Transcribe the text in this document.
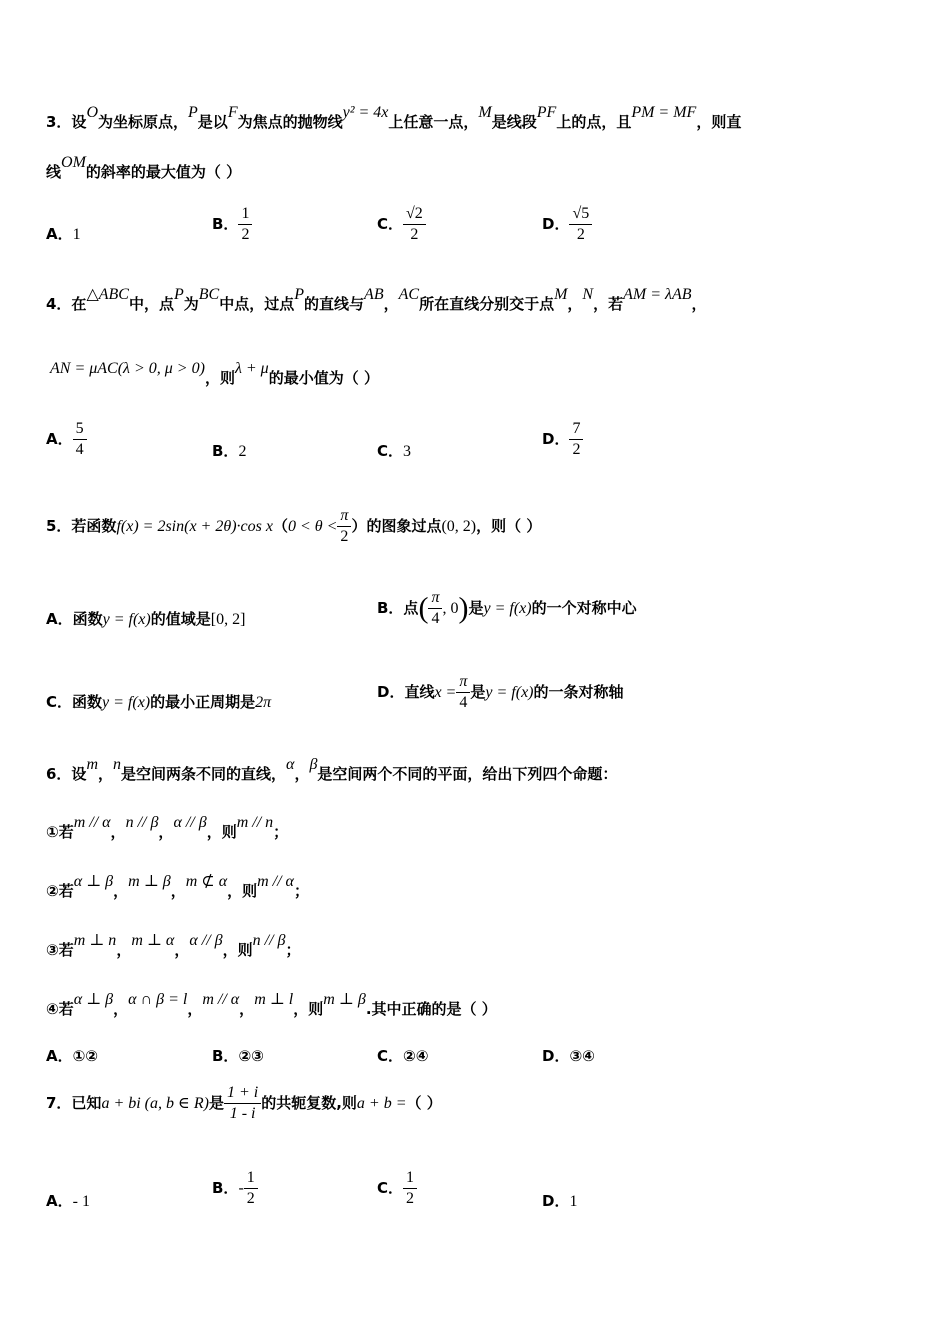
3．设O为坐标原点，P是以F为焦点的抛物线y² = 4x上任意一点，M是线段PF上的点，且PM = MF，则直
线OM的斜率的最大值为（ ）
A．1
B． $\frac{1}{2}$	C． $\frac{√2}{2}$	D． $\frac{√5}{2}$
4．在△ABC中，点P为BC中点，过点P的直线与AB，AC所在直线分别交于点M，N，若AM = λAB，
AN = μAC(λ > 0, μ > 0)，则λ + μ的最小值为（ ）
A． $\frac{5}{4}$	B．2	C．3
D． $\frac{7}{2}$
5．若函数f(x) = 2sin(x + 2θ)·cos $x(0 < \theta < \frac{\pi}{2}$ ）的图象过点(0, 2)，则（ ）
A．函数y = f(x)的值域是[0, 2]
B．点( $\frac{\pi}{4}$ , 0)是y = f(x)的一个对称中心
C．函数y = f(x)的最小正周期是2π
D．直线$x = \frac{\pi}{4}$ 是y = f(x)的一条对称轴
6．设m，n是空间两条不同的直线，α，β是空间两个不同的平面，给出下列四个命题：
①若m // α，n // β，α // β，则m // n；
②若α ⊥ β，m ⊥ β，m ⊄ α，则m // α；
③若m ⊥ n，m ⊥ α，α // β，则n // β；
④若α ⊥ β，α ∩ β = l，m // α，m ⊥ l，则m ⊥ β.其中正确的是（ ）
A．①②	B．②③	C．②④	D．③④
7．已知a + bi (a, b ∈ R)是 $\frac{1 + i}{1 - i}$ 的共轭复数,则a + b =（ ）
A．- 1
B．- $\frac{1}{2}$	C． $\frac{1}{2}$	D．1
